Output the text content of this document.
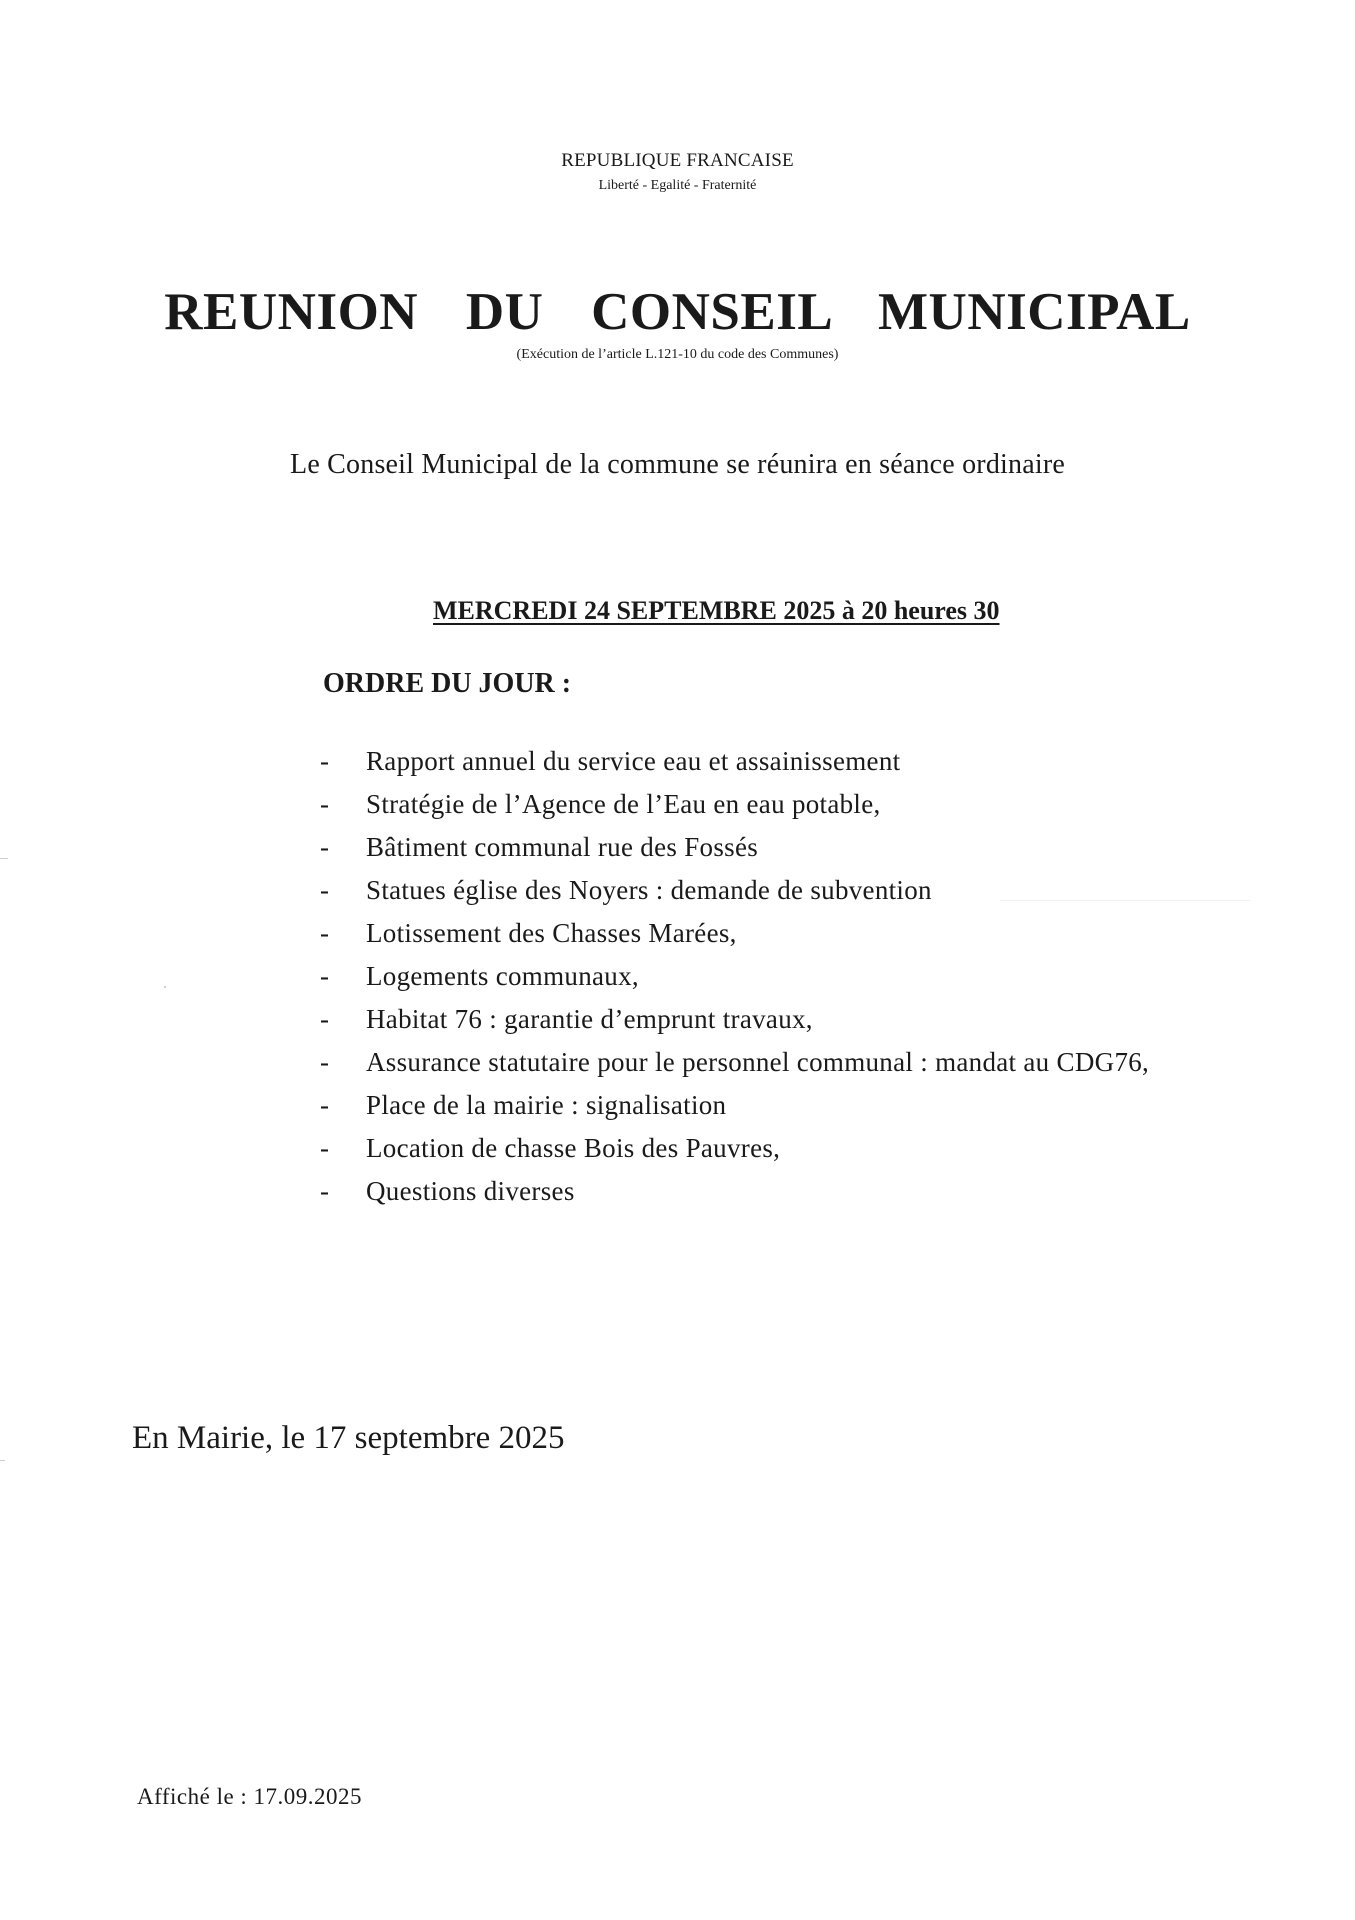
REPUBLIQUE FRANCAISE
Liberté - Egalité - Fraternité
REUNION DU CONSEIL MUNICIPAL
(Exécution de l’article L.121-10 du code des Communes)
Le Conseil Municipal de la commune se réunira en séance ordinaire
MERCREDI 24 SEPTEMBRE 2025 à 20 heures 30
ORDRE DU JOUR :
- Rapport annuel du service eau et assainissement
- Stratégie de l’Agence de l’Eau en eau potable,
- Bâtiment communal rue des Fossés
- Statues église des Noyers : demande de subvention
- Lotissement des Chasses Marées,
- Logements communaux,
- Habitat 76 : garantie d’emprunt travaux,
- Assurance statutaire pour le personnel communal : mandat au CDG76,
- Place de la mairie : signalisation
- Location de chasse Bois des Pauvres,
- Questions diverses
En Mairie, le 17 septembre 2025
Affiché le : 17.09.2025
